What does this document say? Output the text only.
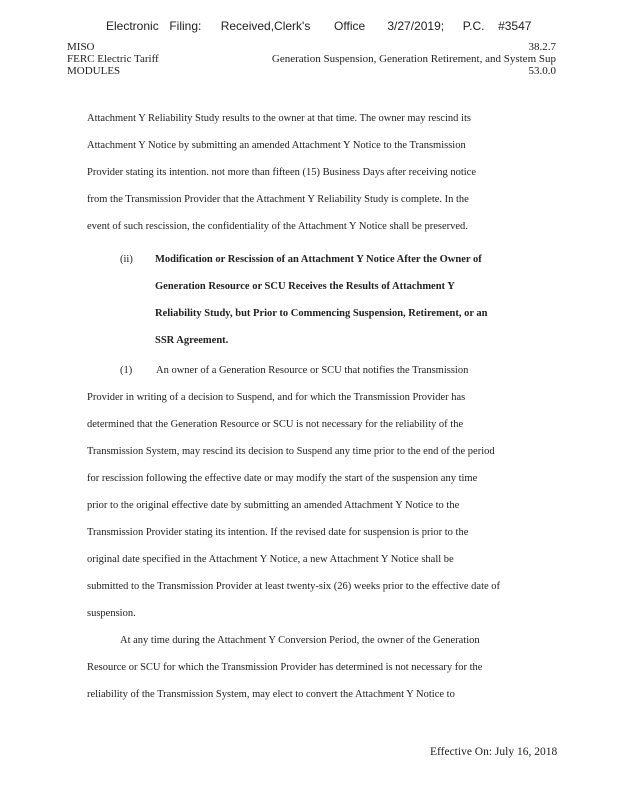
Electronic Filing: Received,Clerk's Office 3/27/2019; P.C. #3547
MISO
FERC Electric Tariff
MODULES
38.2.7
Generation Suspension, Generation Retirement, and System Sup
53.0.0
Attachment Y Reliability Study results to the owner at that time. The owner may rescind its
Attachment Y Notice by submitting an amended Attachment Y Notice to the Transmission
Provider stating its intention. not more than fifteen (15) Business Days after receiving notice
from the Transmission Provider that the Attachment Y Reliability Study is complete. In the
event of such rescission, the confidentiality of the Attachment Y Notice shall be preserved.
(ii) Modification or Rescission of an Attachment Y Notice After the Owner of
Generation Resource or SCU Receives the Results of Attachment Y
Reliability Study, but Prior to Commencing Suspension, Retirement, or an
SSR Agreement.
(1) An owner of a Generation Resource or SCU that notifies the Transmission
Provider in writing of a decision to Suspend, and for which the Transmission Provider has
determined that the Generation Resource or SCU is not necessary for the reliability of the
Transmission System, may rescind its decision to Suspend any time prior to the end of the period
for rescission following the effective date or may modify the start of the suspension any time
prior to the original effective date by submitting an amended Attachment Y Notice to the
Transmission Provider stating its intention. If the revised date for suspension is prior to the
original date specified in the Attachment Y Notice, a new Attachment Y Notice shall be
submitted to the Transmission Provider at least twenty-six (26) weeks prior to the effective date of
suspension.
At any time during the Attachment Y Conversion Period, the owner of the Generation
Resource or SCU for which the Transmission Provider has determined is not necessary for the
reliability of the Transmission System, may elect to convert the Attachment Y Notice to
Effective On: July 16, 2018
